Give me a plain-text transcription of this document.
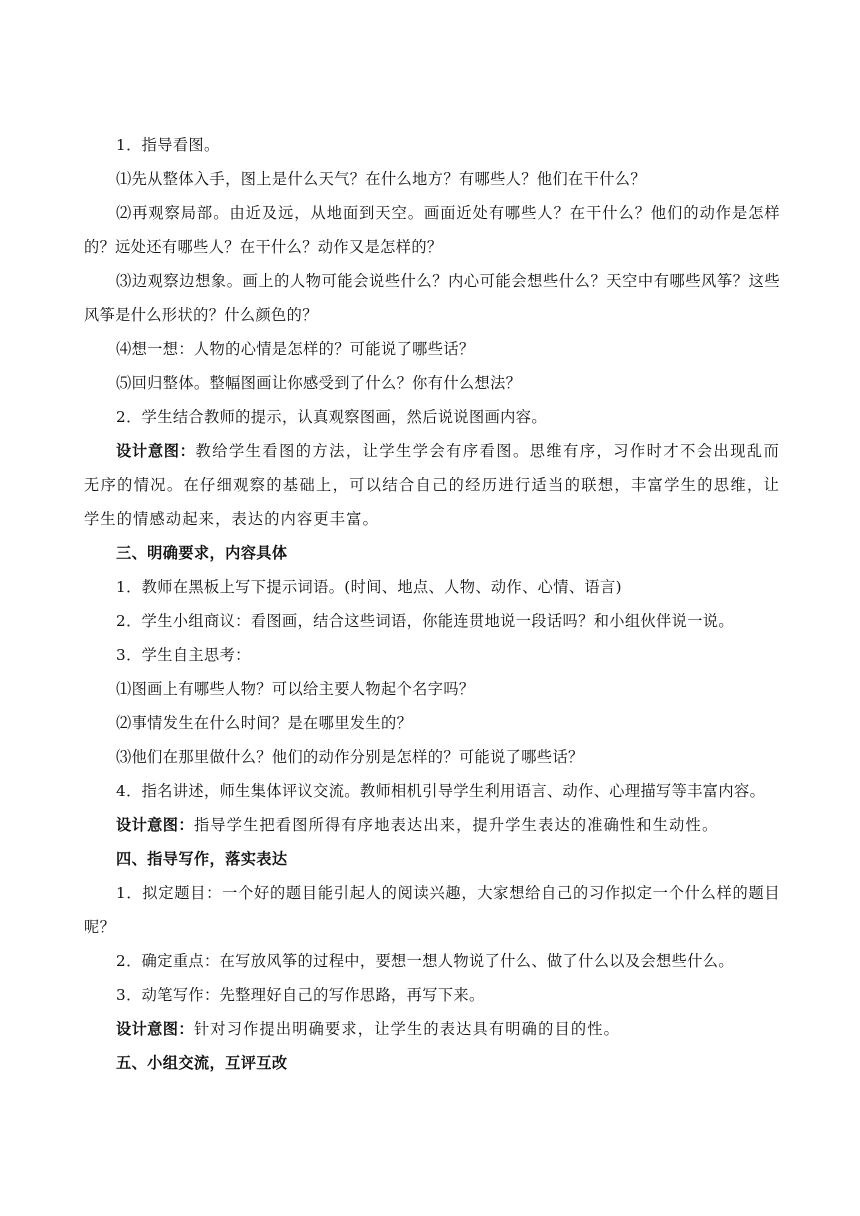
1．指导看图。

⑴先从整体入手，图上是什么天气？在什么地方？有哪些人？他们在干什么？

⑵再观察局部。由近及远，从地面到天空。画面近处有哪些人？在干什么？他们的动作是怎样的？远处还有哪些人？在干什么？动作又是怎样的？

⑶边观察边想象。画上的人物可能会说些什么？内心可能会想些什么？天空中有哪些风筝？这些风筝是什么形状的？什么颜色的？

⑷想一想：人物的心情是怎样的？可能说了哪些话？

⑸回归整体。整幅图画让你感受到了什么？你有什么想法？

2．学生结合教师的提示，认真观察图画，然后说说图画内容。

设计意图：教给学生看图的方法，让学生学会有序看图。思维有序，习作时才不会出现乱而无序的情况。在仔细观察的基础上，可以结合自己的经历进行适当的联想，丰富学生的思维，让学生的情感动起来，表达的内容更丰富。

三、明确要求，内容具体

1．教师在黑板上写下提示词语。(时间、地点、人物、动作、心情、语言)

2．学生小组商议：看图画，结合这些词语，你能连贯地说一段话吗？和小组伙伴说一说。

3．学生自主思考：

⑴图画上有哪些人物？可以给主要人物起个名字吗？

⑵事情发生在什么时间？是在哪里发生的？

⑶他们在那里做什么？他们的动作分别是怎样的？可能说了哪些话？

4．指名讲述，师生集体评议交流。教师相机引导学生利用语言、动作、心理描写等丰富内容。

设计意图：指导学生把看图所得有序地表达出来，提升学生表达的准确性和生动性。

四、指导写作，落实表达

1．拟定题目：一个好的题目能引起人的阅读兴趣，大家想给自己的习作拟定一个什么样的题目呢？

2．确定重点：在写放风筝的过程中，要想一想人物说了什么、做了什么以及会想些什么。

3．动笔写作：先整理好自己的写作思路，再写下来。

设计意图：针对习作提出明确要求，让学生的表达具有明确的目的性。

五、小组交流，互评互改
